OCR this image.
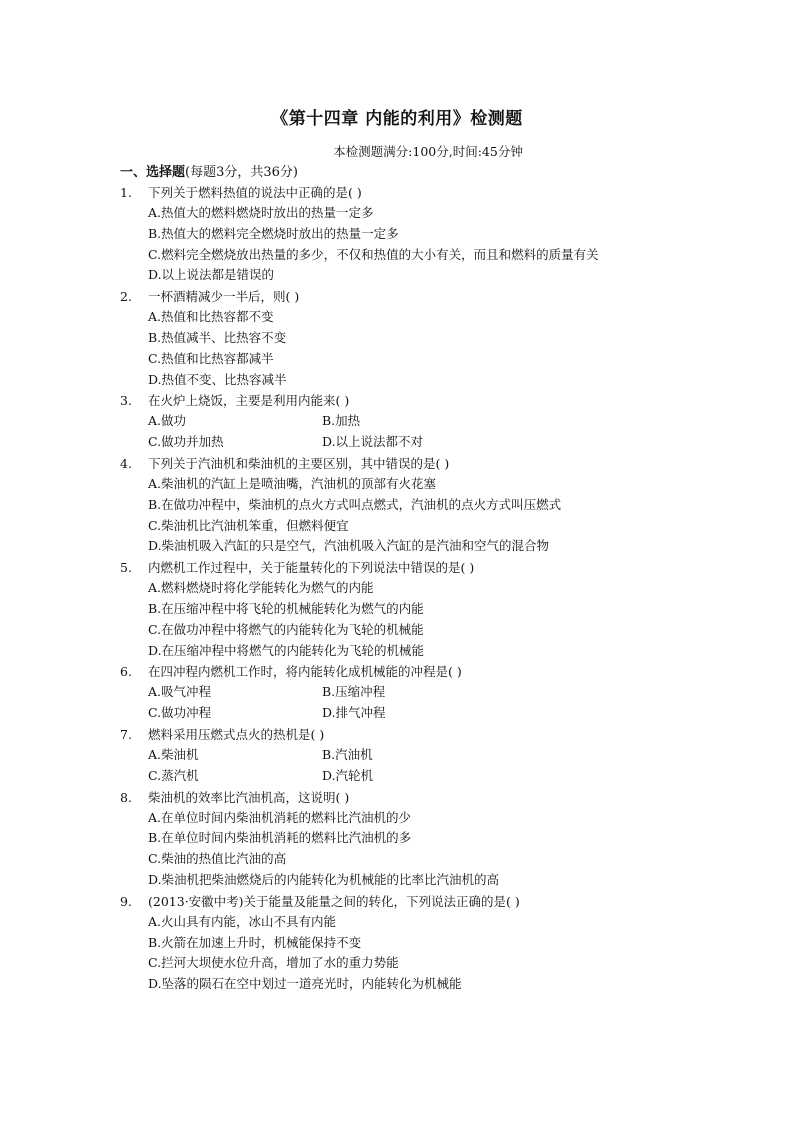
《第十四章 内能的利用》检测题
本检测题满分:100分,时间:45分钟
一、选择题(每题3分，共36分)
1.	下列关于燃料热值的说法中正确的是( )
A.热值大的燃料燃烧时放出的热量一定多
B.热值大的燃料完全燃烧时放出的热量一定多
C.燃料完全燃烧放出热量的多少，不仅和热值的大小有关，而且和燃料的质量有关
D.以上说法都是错误的
2.	一杯酒精减少一半后，则( )
A.热值和比热容都不变
B.热值减半、比热容不变
C.热值和比热容都减半
D.热值不变、比热容减半
3.	在火炉上烧饭，主要是利用内能来( )
A.做功	B.加热
C.做功并加热	D.以上说法都不对
4.	下列关于汽油机和柴油机的主要区别，其中错误的是( )
A.柴油机的汽缸上是喷油嘴，汽油机的顶部有火花塞
B.在做功冲程中，柴油机的点火方式叫点燃式，汽油机的点火方式叫压燃式
C.柴油机比汽油机笨重，但燃料便宜
D.柴油机吸入汽缸的只是空气，汽油机吸入汽缸的是汽油和空气的混合物
5.	内燃机工作过程中，关于能量转化的下列说法中错误的是( )
A.燃料燃烧时将化学能转化为燃气的内能
B.在压缩冲程中将飞轮的机械能转化为燃气的内能
C.在做功冲程中将燃气的内能转化为飞轮的机械能
D.在压缩冲程中将燃气的内能转化为飞轮的机械能
6.	在四冲程内燃机工作时，将内能转化成机械能的冲程是( )
A.吸气冲程	B.压缩冲程
C.做功冲程	D.排气冲程
7.	燃料采用压燃式点火的热机是( )
A.柴油机	B.汽油机
C.蒸汽机	D.汽轮机
8.	柴油机的效率比汽油机高，这说明( )
A.在单位时间内柴油机消耗的燃料比汽油机的少
B.在单位时间内柴油机消耗的燃料比汽油机的多
C.柴油的热值比汽油的高
D.柴油机把柴油燃烧后的内能转化为机械能的比率比汽油机的高
9.	(2013·安徽中考)关于能量及能量之间的转化，下列说法正确的是( )
A.火山具有内能，冰山不具有内能
B.火箭在加速上升时，机械能保持不变
C.拦河大坝使水位升高，增加了水的重力势能
D.坠落的陨石在空中划过一道亮光时，内能转化为机械能
